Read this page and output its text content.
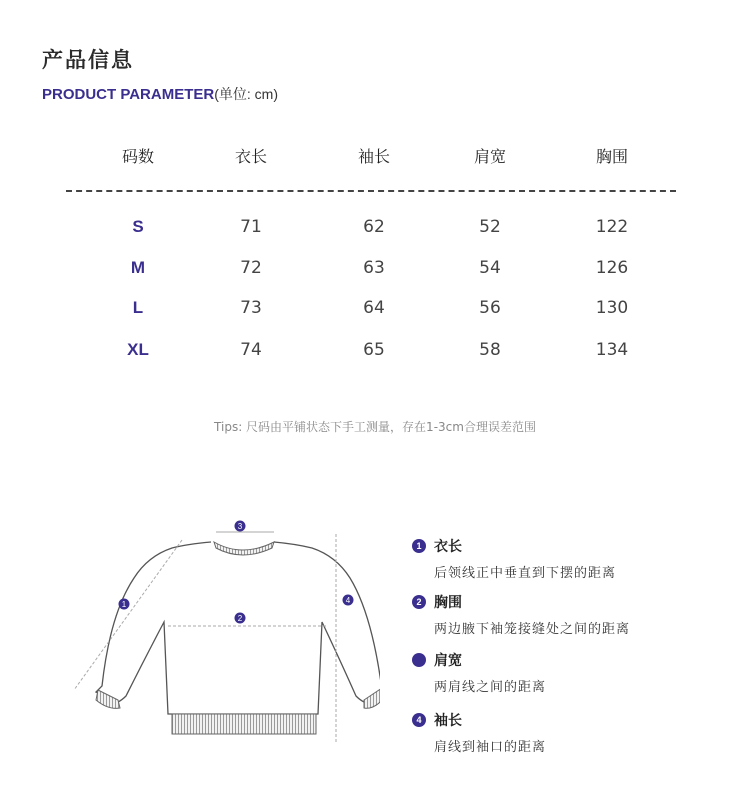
产品信息
PRODUCT PARAMETER(单位: cm)
码数	衣长	袖长	肩宽	胸围
S	71	62	52	122
M	72	63	54	126
L	73	64	56	130
XL	74	65	58	134
Tips: 尺码由平铺状态下手工测量，存在1-3cm合理误差范围
1
2
3
4
1 衣长
后领线正中垂直到下摆的距离
2 胸围
两边腋下袖笼接缝处之间的距离
肩宽
两肩线之间的距离
4 袖长
肩线到袖口的距离
